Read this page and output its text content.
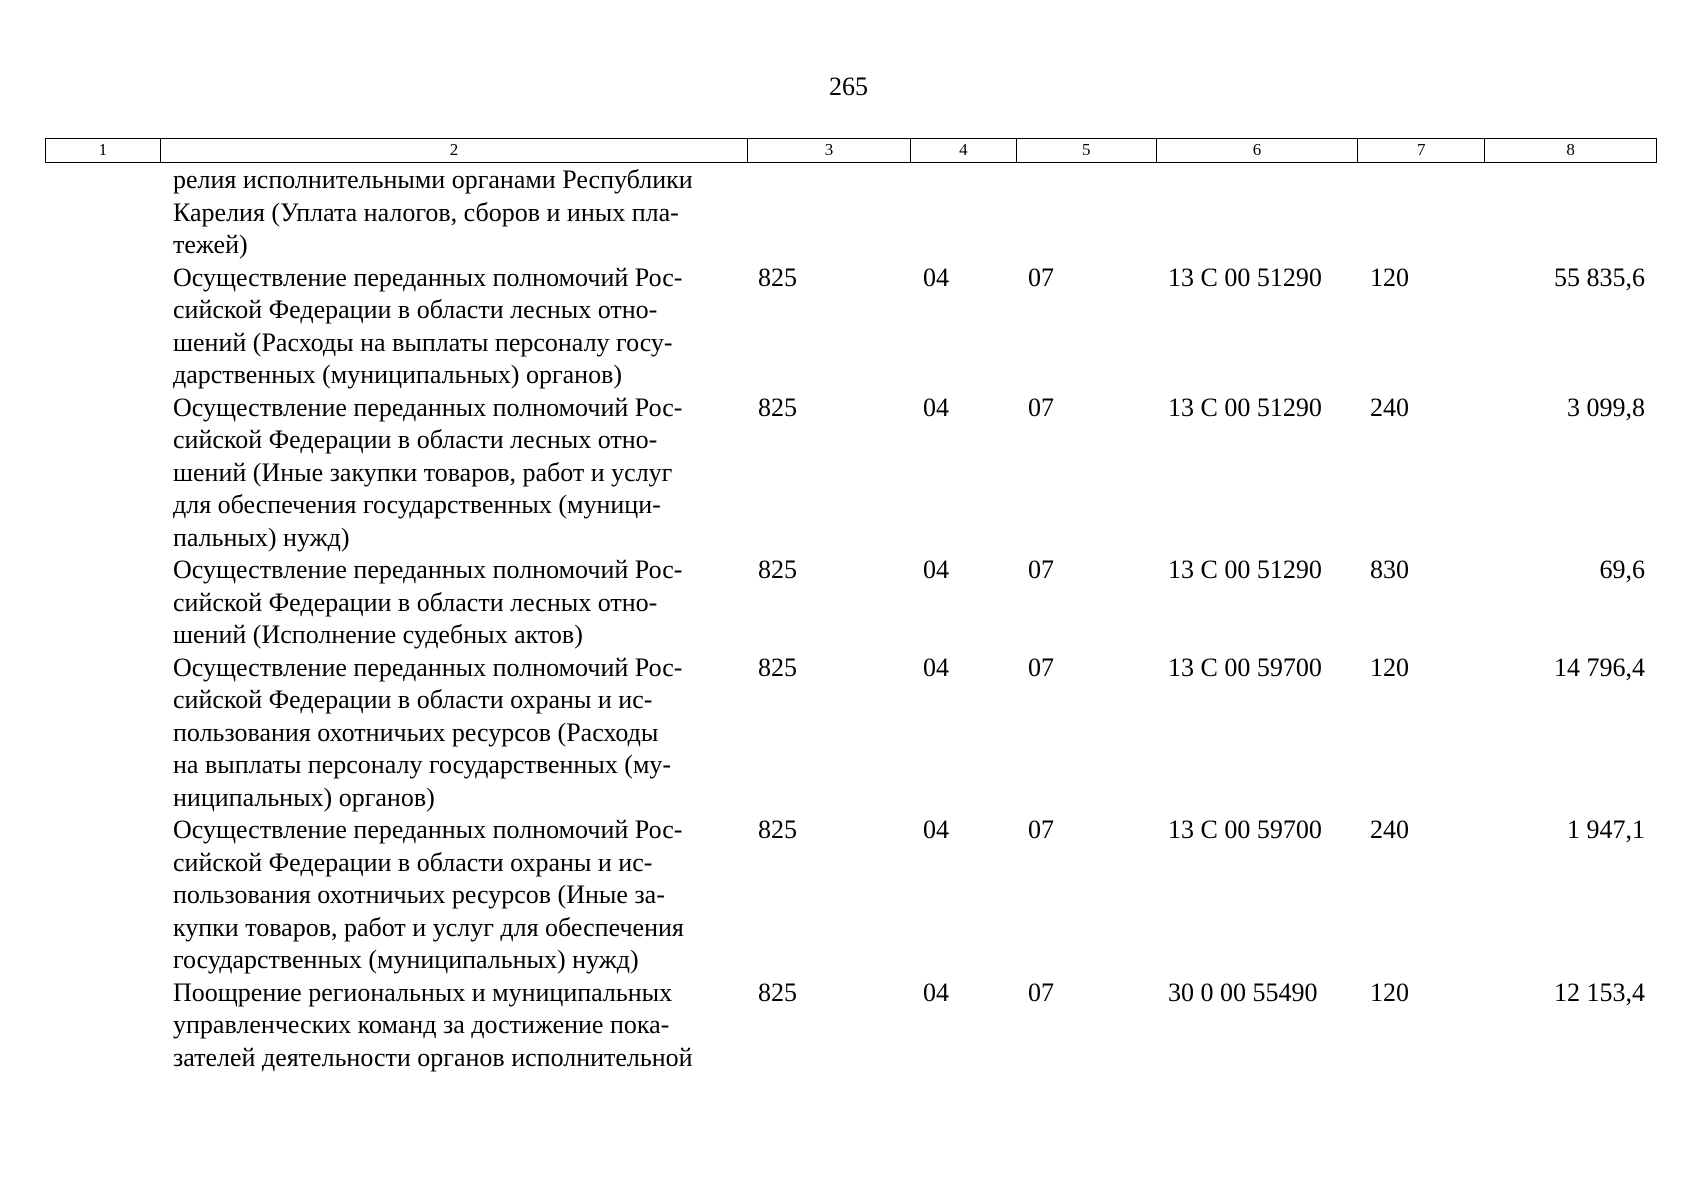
265
1	2	3	4	5	6	7	8
релия исполнительными органами Республики
Карелия (Уплата налогов, сборов и иных пла-
тежей)
Осуществление переданных полномочий Рос-
сийской Федерации в области лесных отно-
шений (Расходы на выплаты персоналу госу-
дарственных (муниципальных) органов)
825	04	07	13 С 00 51290	120	55 835,6
Осуществление переданных полномочий Рос-
сийской Федерации в области лесных отно-
шений (Иные закупки товаров, работ и услуг
для обеспечения государственных (муници-
пальных) нужд)
825	04	07	13 С 00 51290	240	3 099,8
Осуществление переданных полномочий Рос-
сийской Федерации в области лесных отно-
шений (Исполнение судебных актов)
825	04	07	13 С 00 51290	830	69,6
Осуществление переданных полномочий Рос-
сийской Федерации в области охраны и ис-
пользования охотничьих ресурсов (Расходы
на выплаты персоналу государственных (му-
ниципальных) органов)
825	04	07	13 С 00 59700	120	14 796,4
Осуществление переданных полномочий Рос-
сийской Федерации в области охраны и ис-
пользования охотничьих ресурсов (Иные за-
купки товаров, работ и услуг для обеспечения
государственных (муниципальных) нужд)
825	04	07	13 С 00 59700	240	1 947,1
Поощрение региональных и муниципальных
управленческих команд за достижение пока-
зателей деятельности органов исполнительной
825	04	07	30 0 00 55490	120	12 153,4
